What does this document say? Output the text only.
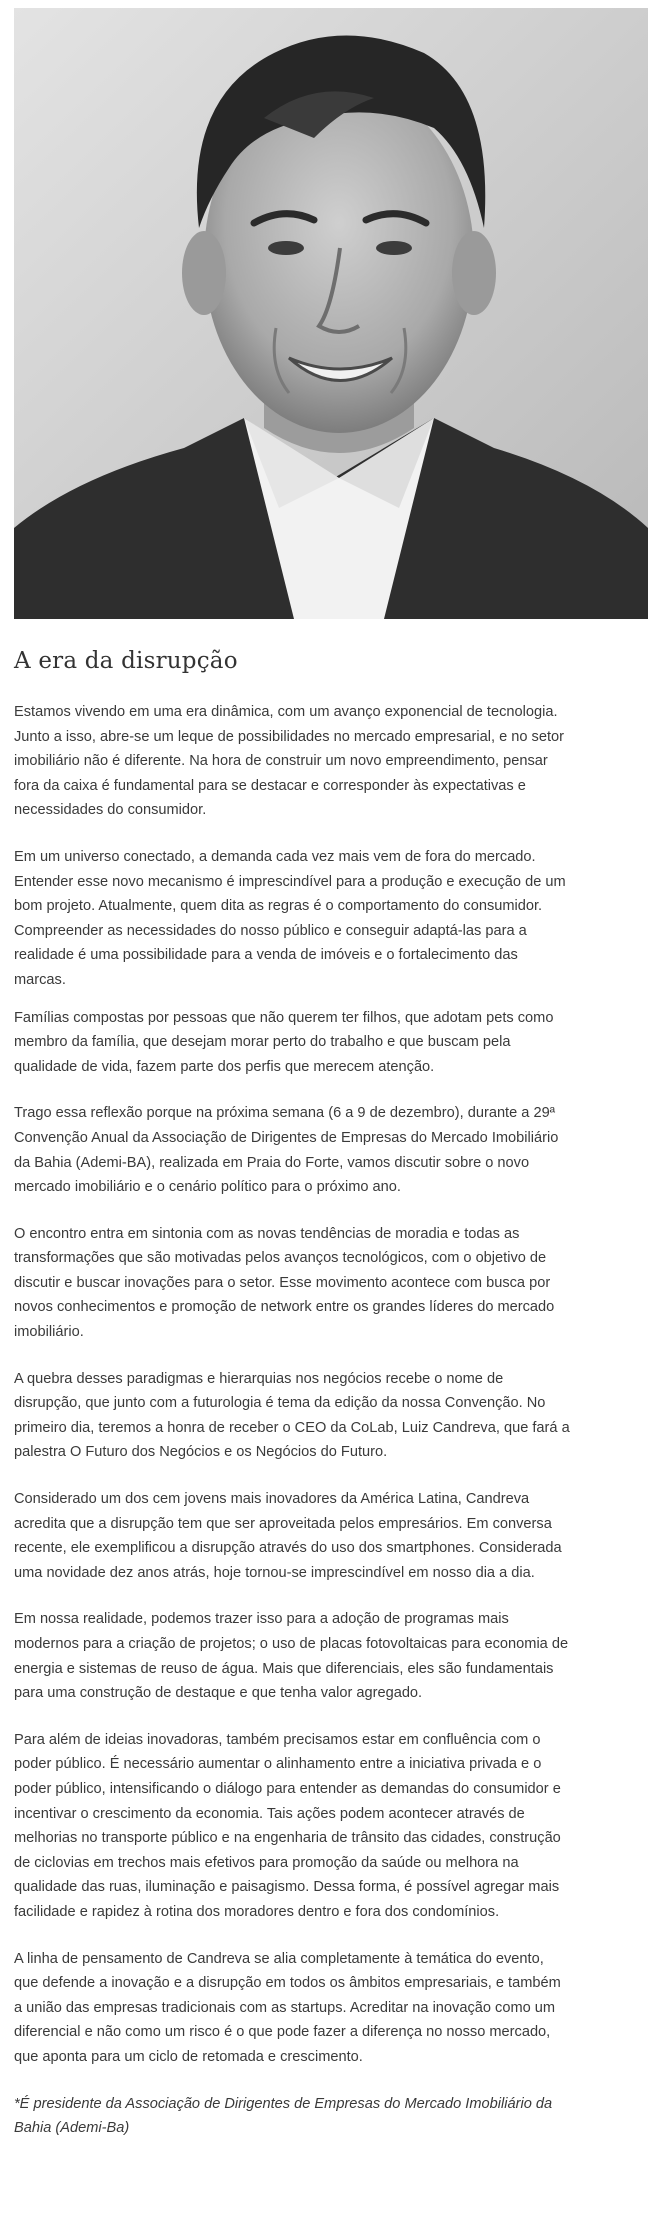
A era da disrupção

Estamos vivendo em uma era dinâmica, com um avanço exponencial de tecnologia. Junto a isso, abre-se um leque de possibilidades no mercado empresarial, e no setor imobiliário não é diferente. Na hora de construir um novo empreendimento, pensar fora da caixa é fundamental para se destacar e corresponder às expectativas e necessidades do consumidor.

Em um universo conectado, a demanda cada vez mais vem de fora do mercado. Entender esse novo mecanismo é imprescindível para a produção e execução de um bom projeto. Atualmente, quem dita as regras é o comportamento do consumidor. Compreender as necessidades do nosso público e conseguir adaptá-las para a realidade é uma possibilidade para a venda de imóveis e o fortalecimento das marcas.

Famílias compostas por pessoas que não querem ter filhos, que adotam pets como membro da família, que desejam morar perto do trabalho e que buscam pela qualidade de vida, fazem parte dos perfis que merecem atenção.

Trago essa reflexão porque na próxima semana (6 a 9 de dezembro), durante a 29ª Convenção Anual da Associação de Dirigentes de Empresas do Mercado Imobiliário da Bahia (Ademi-BA), realizada em Praia do Forte, vamos discutir sobre o novo mercado imobiliário e o cenário político para o próximo ano.

O encontro entra em sintonia com as novas tendências de moradia e todas as transformações que são motivadas pelos avanços tecnológicos, com o objetivo de discutir e buscar inovações para o setor. Esse movimento acontece com busca por novos conhecimentos e promoção de network entre os grandes líderes do mercado imobiliário.

A quebra desses paradigmas e hierarquias nos negócios recebe o nome de disrupção, que junto com a futurologia é tema da edição da nossa Convenção. No primeiro dia, teremos a honra de receber o CEO da CoLab, Luiz Candreva, que fará a palestra O Futuro dos Negócios e os Negócios do Futuro.

Considerado um dos cem jovens mais inovadores da América Latina, Candreva acredita que a disrupção tem que ser aproveitada pelos empresários. Em conversa recente, ele exemplificou a disrupção através do uso dos smartphones. Considerada uma novidade dez anos atrás, hoje tornou-se imprescindível em nosso dia a dia.

Em nossa realidade, podemos trazer isso para a adoção de programas mais modernos para a criação de projetos; o uso de placas fotovoltaicas para economia de energia e sistemas de reuso de água. Mais que diferenciais, eles são fundamentais para uma construção de destaque e que tenha valor agregado.

Para além de ideias inovadoras, também precisamos estar em confluência com o poder público. É necessário aumentar o alinhamento entre a iniciativa privada e o poder público, intensificando o diálogo para entender as demandas do consumidor e incentivar o crescimento da economia. Tais ações podem acontecer através de melhorias no transporte público e na engenharia de trânsito das cidades, construção de ciclovias em trechos mais efetivos para promoção da saúde ou melhora na qualidade das ruas, iluminação e paisagismo. Dessa forma, é possível agregar mais facilidade e rapidez à rotina dos moradores dentro e fora dos condomínios.

A linha de pensamento de Candreva se alia completamente à temática do evento, que defende a inovação e a disrupção em todos os âmbitos empresariais, e também a união das empresas tradicionais com as startups. Acreditar na inovação como um diferencial e não como um risco é o que pode fazer a diferença no nosso mercado, que aponta para um ciclo de retomada e crescimento.

*É presidente da Associação de Dirigentes de Empresas do Mercado Imobiliário da Bahia (Ademi-Ba)
